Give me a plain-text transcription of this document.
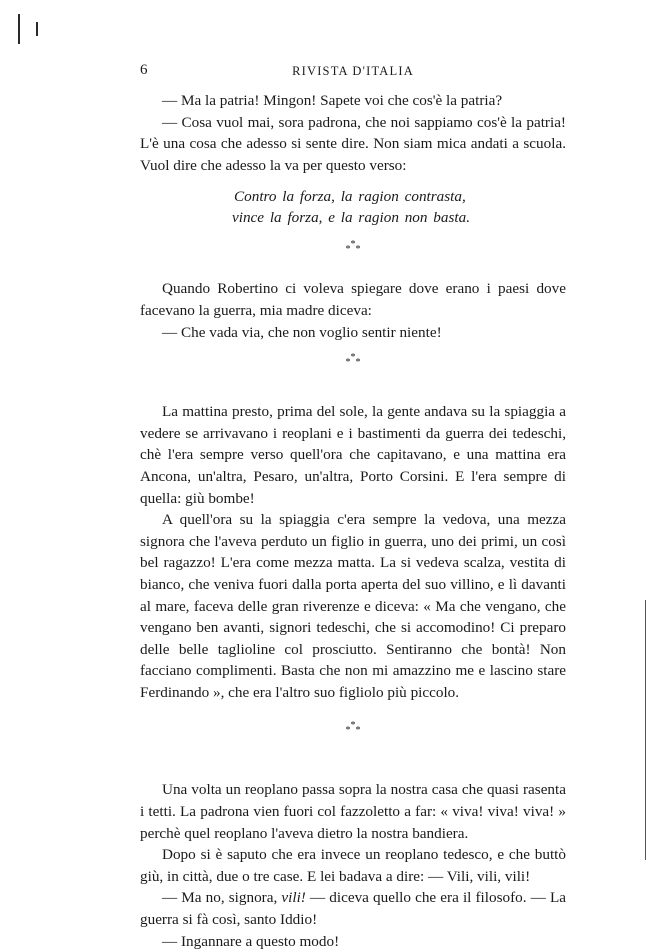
6	RIVISTA D'ITALIA

— Ma la patria! Mingon! Sapete voi che cos'è la patria?

— Cosa vuol mai, sora padrona, che noi sappiamo cos'è la patria! L'è una cosa che adesso si sente dire. Non siam mica andati a scuola. Vuol dire che adesso la va per questo verso:

Contro la forza, la ragion contrasta,
vince la forza, e la ragion non basta.
*
* *

Quando Robertino ci voleva spiegare dove erano i paesi dove facevano la guerra, mia madre diceva:

— Che vada via, che non voglio sentir niente!

*
* *

La mattina presto, prima del sole, la gente andava su la spiaggia a vedere se arrivavano i reoplani e i bastimenti da guerra dei tedeschi, chè l'era sempre verso quell'ora che capitavano, e una mattina era Ancona, un'altra, Pesaro, un'altra, Porto Corsini. E l'era sempre di quella: giù bombe!

A quell'ora su la spiaggia c'era sempre la vedova, una mezza signora che l'aveva perduto un figlio in guerra, uno dei primi, un così bel ragazzo! L'era come mezza matta. La si vedeva scalza, vestita di bianco, che veniva fuori dalla porta aperta del suo villino, e lì davanti al mare, faceva delle gran riverenze e diceva: « Ma che vengano, che vengano ben avanti, signori tedeschi, che si accomodino! Ci preparo delle belle taglioline col prosciutto. Sentiranno che bontà! Non facciano complimenti. Basta che non mi amazzino me e lascino stare Ferdinando », che era l'altro suo figliolo più piccolo.

*
* *

Una volta un reoplano passa sopra la nostra casa che quasi rasenta i tetti. La padrona vien fuori col fazzoletto a far: « viva! viva! viva! » perchè quel reoplano l'aveva dietro la nostra bandiera.

Dopo si è saputo che era invece un reoplano tedesco, e che buttò giù, in città, due o tre case. E lei badava a dire: — Vili, vili, vili!

— Ma no, signora, vili! — diceva quello che era il filosofo. — La guerra si fà così, santo Iddio!

— Ingannare a questo modo!
